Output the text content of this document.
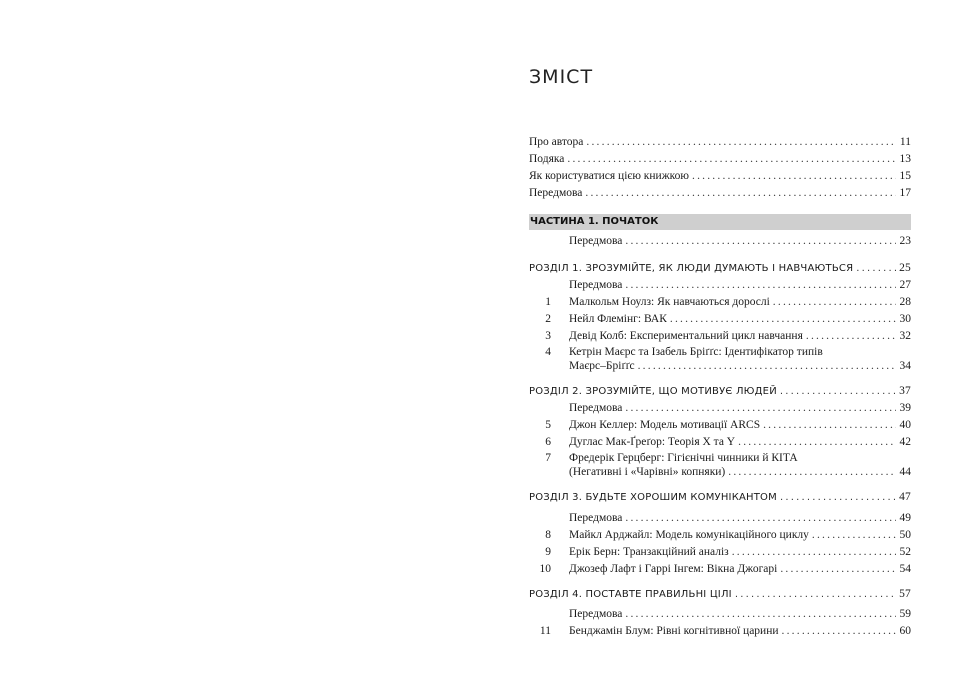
ЗМІСТ
Про автора .....	11
Подяка .....	13
Як користуватися цією книжкою .....	15
Передмова .....	17
ЧАСТИНА 1. ПОЧАТОК
Передмова .....	23
РОЗДІЛ 1. ЗРОЗУМІЙТЕ, ЯК ЛЮДИ ДУМАЮТЬ І НАВЧАЮТЬСЯ .....	25
Передмова .....	27
1 Малкольм Ноулз: Як навчаються дорослі .....	28
2 Нейл Флемінг: ВАК .....	30
3 Девід Колб: Експериментальний цикл навчання .....	32
4 Кетрін Маєрс та Ізабель Бріґґс: Ідентифікатор типів
Маєрс–Бріґґс .....	34
РОЗДІЛ 2. ЗРОЗУМІЙТЕ, ЩО МОТИВУЄ ЛЮДЕЙ .....	37
Передмова .....	39
5 Джон Келлер: Модель мотивації ARCS .....	40
6 Дуглас Мак-Ґреґор: Теорія X та Y .....	42
7 Фредерік Герцберг: Гігієнічні чинники й КІТА
(Негативні і «Чарівні» копняки) .....	44
РОЗДІЛ 3. БУДЬТЕ ХОРОШИМ КОМУНІКАНТОМ .....	47
Передмова .....	49
8 Майкл Арджайл: Модель комунікаційного циклу .....	50
9 Ерік Берн: Транзакційний аналіз .....	52
10 Джозеф Лафт і Гаррі Інгем: Вікна Джогарі .....	54
РОЗДІЛ 4. ПОСТАВТЕ ПРАВИЛЬНІ ЦІЛІ .....	57
Передмова .....	59
11 Бенджамін Блум: Рівні когнітивної царини .....	60
